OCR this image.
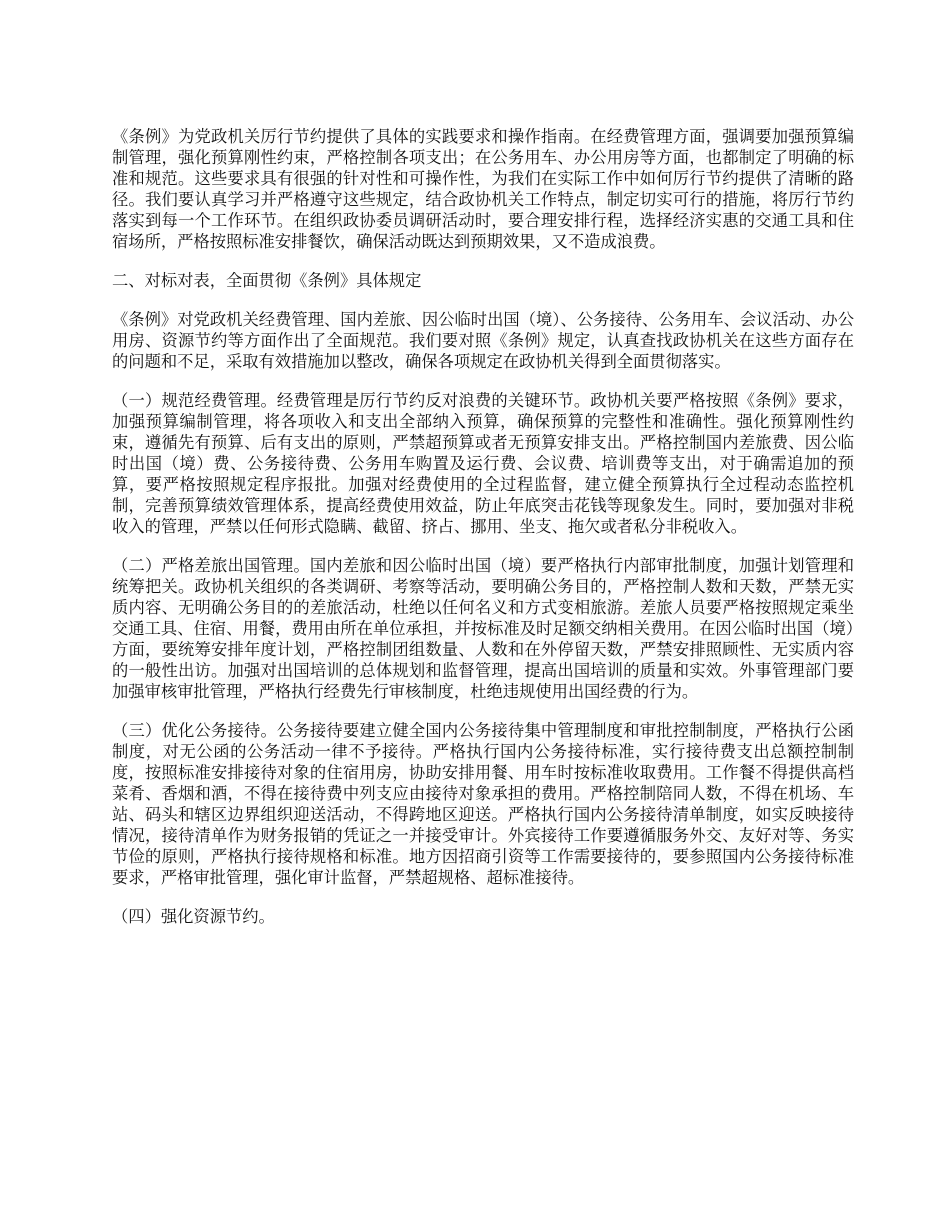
《条例》为党政机关厉行节约提供了具体的实践要求和操作指南。在经费管理方面，强调要加强预算编制管理，强化预算刚性约束，严格控制各项支出；在公务用车、办公用房等方面，也都制定了明确的标准和规范。这些要求具有很强的针对性和可操作性，为我们在实际工作中如何厉行节约提供了清晰的路径。我们要认真学习并严格遵守这些规定，结合政协机关工作特点，制定切实可行的措施，将厉行节约落实到每一个工作环节。在组织政协委员调研活动时，要合理安排行程，选择经济实惠的交通工具和住宿场所，严格按照标准安排餐饮，确保活动既达到预期效果，又不造成浪费。

二、对标对表，全面贯彻《条例》具体规定

《条例》对党政机关经费管理、国内差旅、因公临时出国（境）、公务接待、公务用车、会议活动、办公用房、资源节约等方面作出了全面规范。我们要对照《条例》规定，认真查找政协机关在这些方面存在的问题和不足，采取有效措施加以整改，确保各项规定在政协机关得到全面贯彻落实。

（一）规范经费管理。经费管理是厉行节约反对浪费的关键环节。政协机关要严格按照《条例》要求，加强预算编制管理，将各项收入和支出全部纳入预算，确保预算的完整性和准确性。强化预算刚性约束，遵循先有预算、后有支出的原则，严禁超预算或者无预算安排支出。严格控制国内差旅费、因公临时出国（境）费、公务接待费、公务用车购置及运行费、会议费、培训费等支出，对于确需追加的预算，要严格按照规定程序报批。加强对经费使用的全过程监督，建立健全预算执行全过程动态监控机制，完善预算绩效管理体系，提高经费使用效益，防止年底突击花钱等现象发生。同时，要加强对非税收入的管理，严禁以任何形式隐瞒、截留、挤占、挪用、坐支、拖欠或者私分非税收入。

（二）严格差旅出国管理。国内差旅和因公临时出国（境）要严格执行内部审批制度，加强计划管理和统筹把关。政协机关组织的各类调研、考察等活动，要明确公务目的，严格控制人数和天数，严禁无实质内容、无明确公务目的的差旅活动，杜绝以任何名义和方式变相旅游。差旅人员要严格按照规定乘坐交通工具、住宿、用餐，费用由所在单位承担，并按标准及时足额交纳相关费用。在因公临时出国（境）方面，要统筹安排年度计划，严格控制团组数量、人数和在外停留天数，严禁安排照顾性、无实质内容的一般性出访。加强对出国培训的总体规划和监督管理，提高出国培训的质量和实效。外事管理部门要加强审核审批管理，严格执行经费先行审核制度，杜绝违规使用出国经费的行为。

（三）优化公务接待。公务接待要建立健全国内公务接待集中管理制度和审批控制制度，严格执行公函制度，对无公函的公务活动一律不予接待。严格执行国内公务接待标准，实行接待费支出总额控制制度，按照标准安排接待对象的住宿用房，协助安排用餐、用车时按标准收取费用。工作餐不得提供高档菜肴、香烟和酒，不得在接待费中列支应由接待对象承担的费用。严格控制陪同人数，不得在机场、车站、码头和辖区边界组织迎送活动，不得跨地区迎送。严格执行国内公务接待清单制度，如实反映接待情况，接待清单作为财务报销的凭证之一并接受审计。外宾接待工作要遵循服务外交、友好对等、务实节俭的原则，严格执行接待规格和标准。地方因招商引资等工作需要接待的，要参照国内公务接待标准要求，严格审批管理，强化审计监督，严禁超规格、超标准接待。

（四）强化资源节约。
